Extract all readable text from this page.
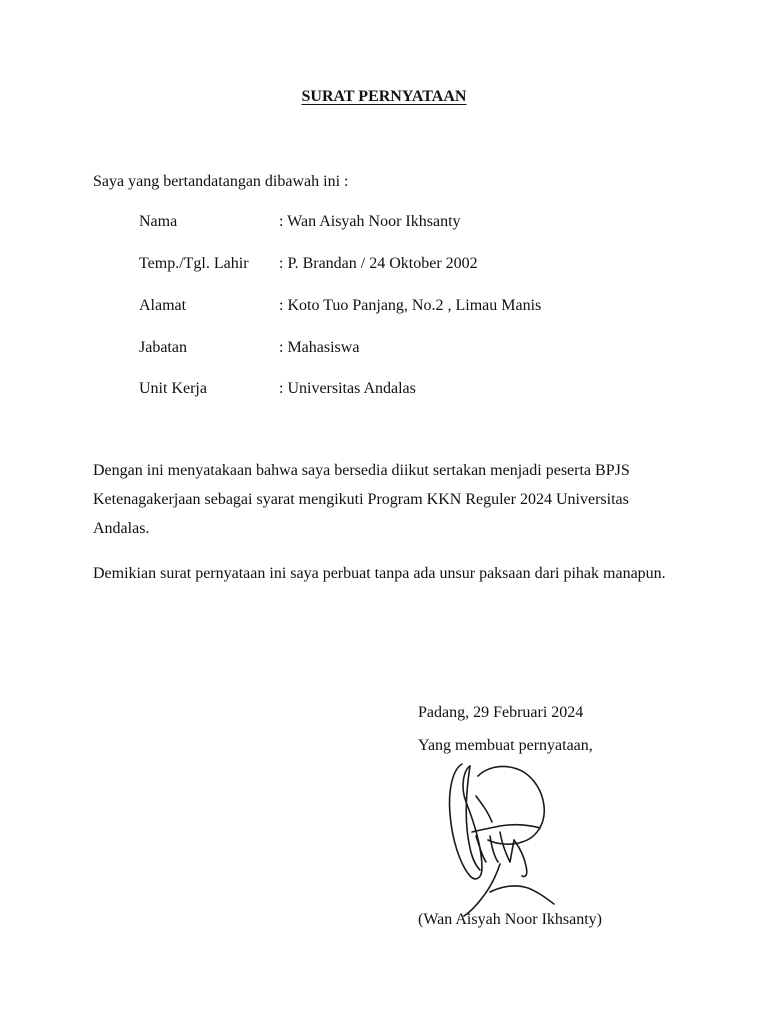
SURAT PERNYATAAN
Saya yang bertandatangan dibawah ini :
Nama	: Wan Aisyah Noor Ikhsanty
Temp./Tgl. Lahir : P. Brandan / 24 Oktober 2002
Alamat	: Koto Tuo Panjang, No.2 , Limau Manis
Jabatan	: Mahasiswa
Unit Kerja	: Universitas Andalas
Dengan ini menyatakaan bahwa saya bersedia diikut sertakan menjadi peserta BPJS Ketenagakerjaan sebagai syarat mengikuti Program KKN Reguler 2024 Universitas Andalas.
Demikian surat pernyataan ini saya perbuat tanpa ada unsur paksaan dari pihak manapun.
Padang, 29 Februari 2024
Yang membuat pernyataan,
(Wan Aisyah Noor Ikhsanty)
